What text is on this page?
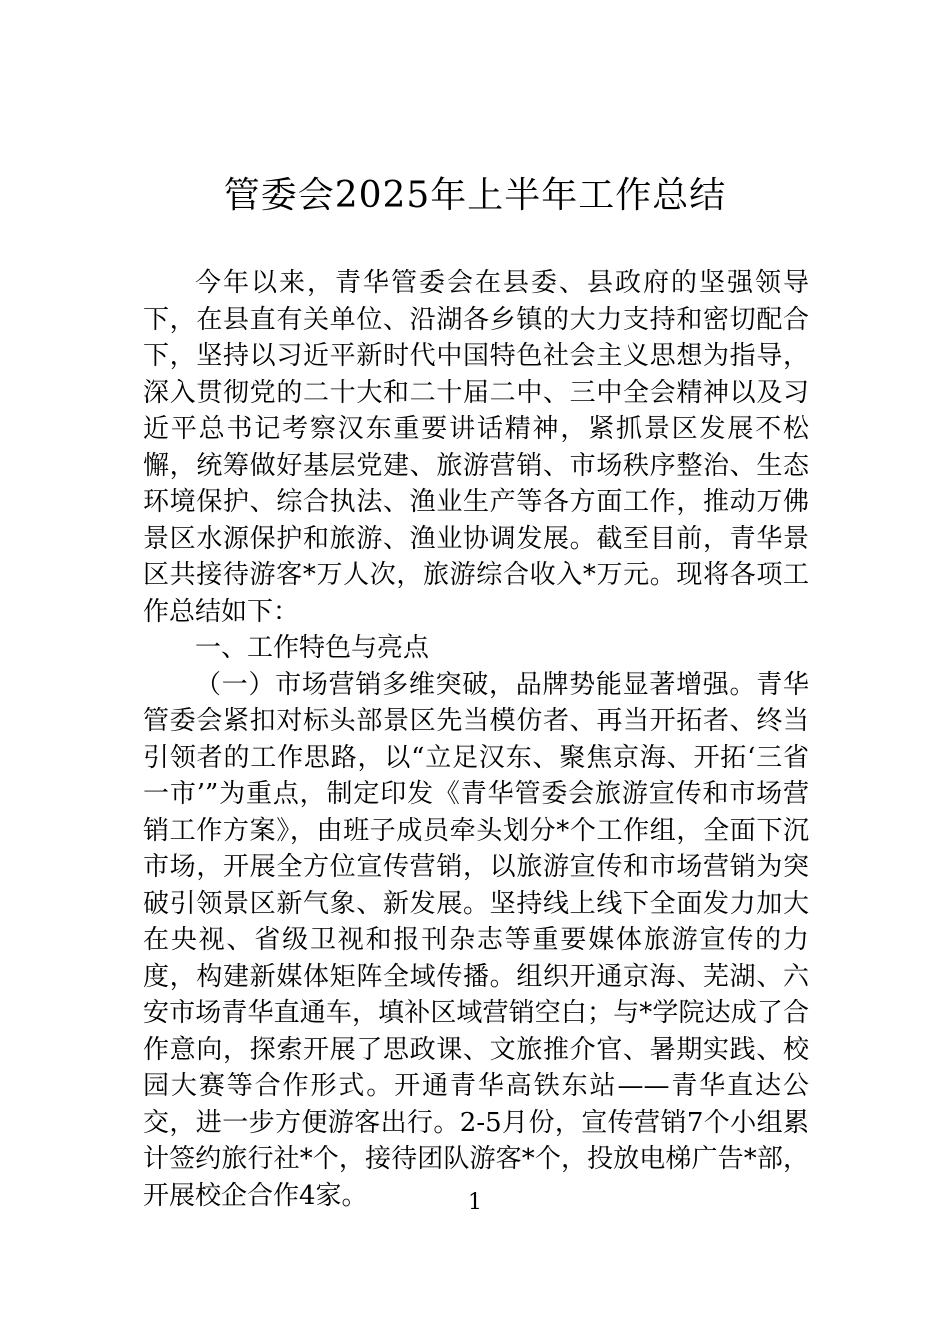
管委会2025年上半年工作总结

今年以来，青华管委会在县委、县政府的坚强领导下，在县直有关单位、沿湖各乡镇的大力支持和密切配合下，坚持以习近平新时代中国特色社会主义思想为指导，深入贯彻党的二十大和二十届二中、三中全会精神以及习近平总书记考察汉东重要讲话精神，紧抓景区发展不松懈，统筹做好基层党建、旅游营销、市场秩序整治、生态环境保护、综合执法、渔业生产等各方面工作，推动万佛景区水源保护和旅游、渔业协调发展。截至目前，青华景区共接待游客*万人次，旅游综合收入*万元。现将各项工作总结如下：

一、工作特色与亮点

（一）市场营销多维突破，品牌势能显著增强。青华管委会紧扣对标头部景区先当模仿者、再当开拓者、终当引领者的工作思路，以“立足汉东、聚焦京海、开拓‘三省一市’”为重点，制定印发《青华管委会旅游宣传和市场营销工作方案》，由班子成员牵头划分*个工作组，全面下沉市场，开展全方位宣传营销，以旅游宣传和市场营销为突破引领景区新气象、新发展。坚持线上线下全面发力加大在央视、省级卫视和报刊杂志等重要媒体旅游宣传的力度，构建新媒体矩阵全域传播。组织开通京海、芜湖、六安市场青华直通车，填补区域营销空白；与*学院达成了合作意向，探索开展了思政课、文旅推介官、暑期实践、校园大赛等合作形式。开通青华高铁东站——青华直达公交，进一步方便游客出行。2-5月份，宣传营销7个小组累计签约旅行社*个，接待团队游客*个，投放电梯广告*部，开展校企合作4家。	1
